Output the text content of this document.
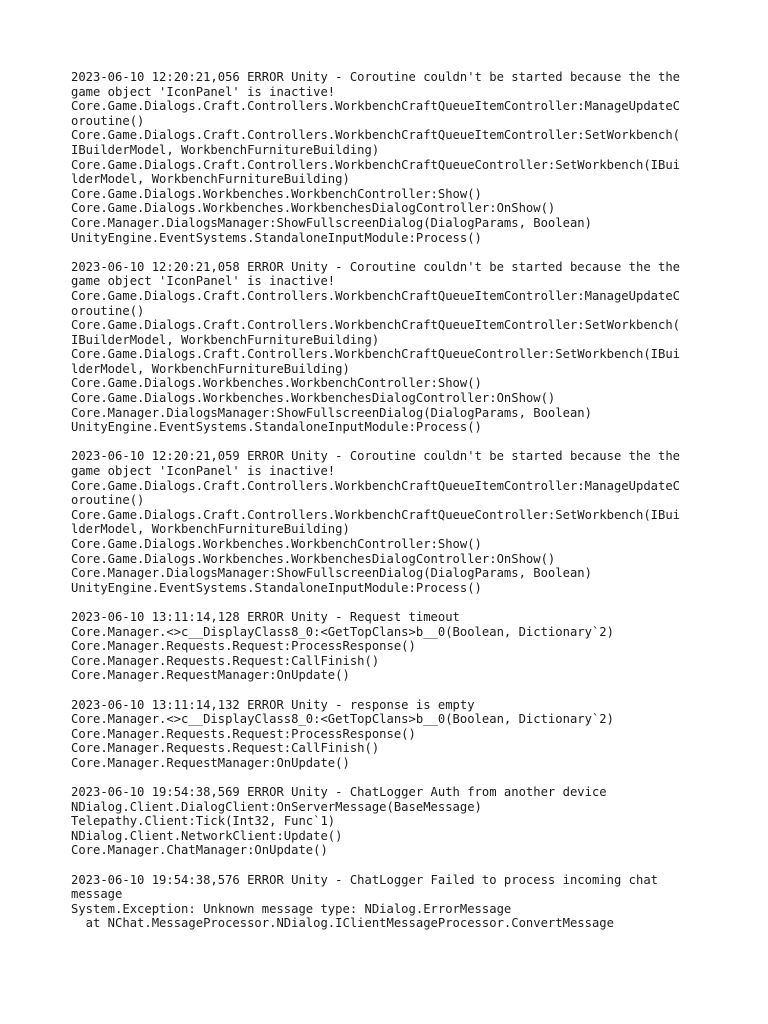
2023-06-10 12:20:21,056 ERROR Unity - Coroutine couldn't be started because the the
game object 'IconPanel' is inactive!
Core.Game.Dialogs.Craft.Controllers.WorkbenchCraftQueueItemController:ManageUpdateC
oroutine()
Core.Game.Dialogs.Craft.Controllers.WorkbenchCraftQueueItemController:SetWorkbench(
IBuilderModel, WorkbenchFurnitureBuilding)
Core.Game.Dialogs.Craft.Controllers.WorkbenchCraftQueueController:SetWorkbench(IBui
lderModel, WorkbenchFurnitureBuilding)
Core.Game.Dialogs.Workbenches.WorkbenchController:Show()
Core.Game.Dialogs.Workbenches.WorkbenchesDialogController:OnShow()
Core.Manager.DialogsManager:ShowFullscreenDialog(DialogParams, Boolean)
UnityEngine.EventSystems.StandaloneInputModule:Process()
2023-06-10 12:20:21,058 ERROR Unity - Coroutine couldn't be started because the the
game object 'IconPanel' is inactive!
Core.Game.Dialogs.Craft.Controllers.WorkbenchCraftQueueItemController:ManageUpdateC
oroutine()
Core.Game.Dialogs.Craft.Controllers.WorkbenchCraftQueueItemController:SetWorkbench(
IBuilderModel, WorkbenchFurnitureBuilding)
Core.Game.Dialogs.Craft.Controllers.WorkbenchCraftQueueController:SetWorkbench(IBui
lderModel, WorkbenchFurnitureBuilding)
Core.Game.Dialogs.Workbenches.WorkbenchController:Show()
Core.Game.Dialogs.Workbenches.WorkbenchesDialogController:OnShow()
Core.Manager.DialogsManager:ShowFullscreenDialog(DialogParams, Boolean)
UnityEngine.EventSystems.StandaloneInputModule:Process()
2023-06-10 12:20:21,059 ERROR Unity - Coroutine couldn't be started because the the
game object 'IconPanel' is inactive!
Core.Game.Dialogs.Craft.Controllers.WorkbenchCraftQueueItemController:ManageUpdateC
oroutine()
Core.Game.Dialogs.Craft.Controllers.WorkbenchCraftQueueController:SetWorkbench(IBui
lderModel, WorkbenchFurnitureBuilding)
Core.Game.Dialogs.Workbenches.WorkbenchController:Show()
Core.Game.Dialogs.Workbenches.WorkbenchesDialogController:OnShow()
Core.Manager.DialogsManager:ShowFullscreenDialog(DialogParams, Boolean)
UnityEngine.EventSystems.StandaloneInputModule:Process()
2023-06-10 13:11:14,128 ERROR Unity - Request timeout
Core.Manager.<>c__DisplayClass8_0:<GetTopClans>b__0(Boolean, Dictionary`2)
Core.Manager.Requests.Request:ProcessResponse()
Core.Manager.Requests.Request:CallFinish()
Core.Manager.RequestManager:OnUpdate()
2023-06-10 13:11:14,132 ERROR Unity - response is empty
Core.Manager.<>c__DisplayClass8_0:<GetTopClans>b__0(Boolean, Dictionary`2)
Core.Manager.Requests.Request:ProcessResponse()
Core.Manager.Requests.Request:CallFinish()
Core.Manager.RequestManager:OnUpdate()
2023-06-10 19:54:38,569 ERROR Unity - ChatLogger Auth from another device
NDialog.Client.DialogClient:OnServerMessage(BaseMessage)
Telepathy.Client:Tick(Int32, Func`1)
NDialog.Client.NetworkClient:Update()
Core.Manager.ChatManager:OnUpdate()
2023-06-10 19:54:38,576 ERROR Unity - ChatLogger Failed to process incoming chat
message
System.Exception: Unknown message type: NDialog.ErrorMessage
at NChat.MessageProcessor.NDialog.IClientMessageProcessor.ConvertMessage
